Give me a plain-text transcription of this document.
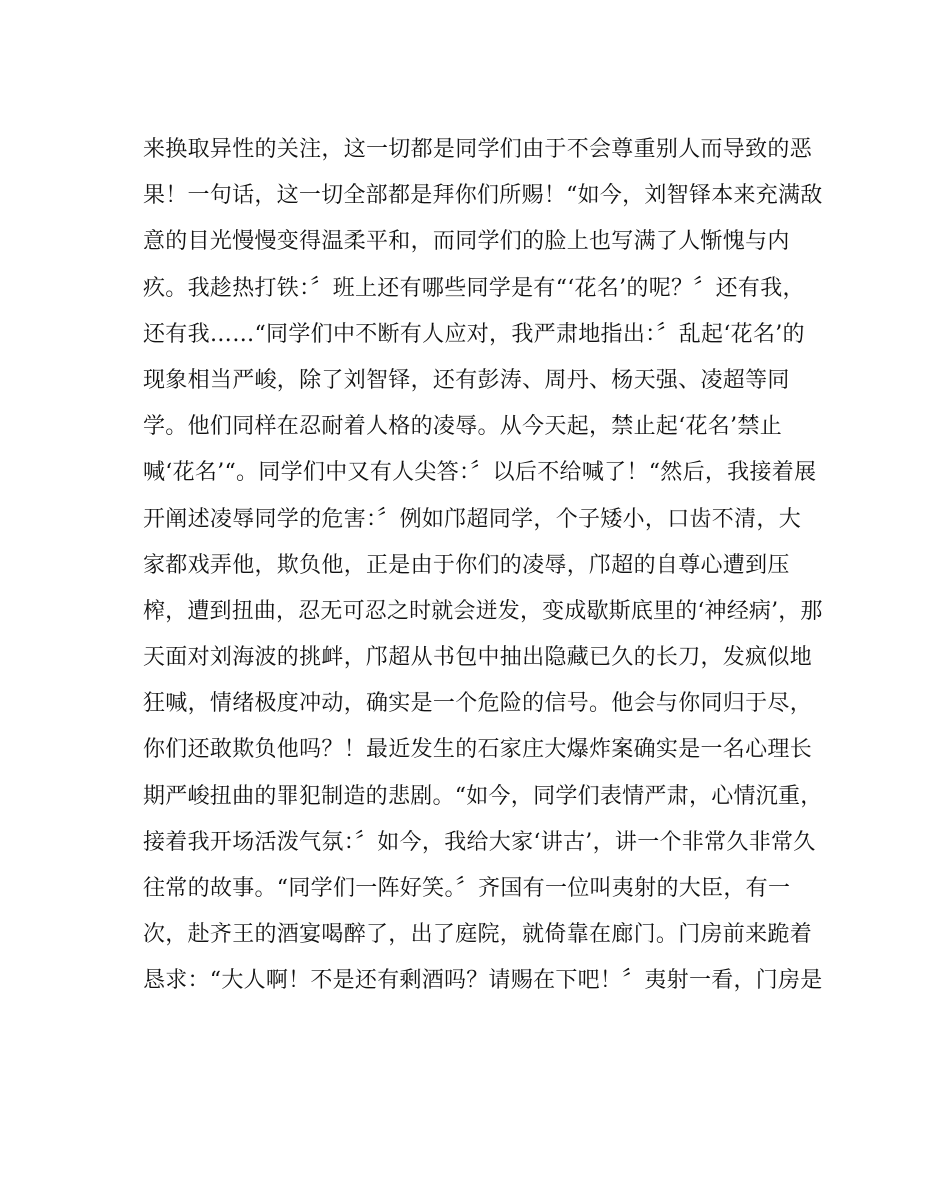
来换取异性的关注，这一切都是同学们由于不会尊重别人而导致的恶
果！一句话，这一切全部都是拜你们所赐！“如今，刘智铎本来充满敌
意的目光慢慢变得温柔平和，而同学们的脸上也写满了人惭愧与内
疚。我趁热打铁：〞班上还有哪些同学是有“‘花名’的呢？〞还有我，
还有我……“同学们中不断有人应对，我严肃地指出：〞乱起‘花名’的
现象相当严峻，除了刘智铎，还有彭涛、周丹、杨天强、凌超等同
学。他们同样在忍耐着人格的凌辱。从今天起，禁止起‘花名’禁止
喊‘花名’“。同学们中又有人尖答：〞以后不给喊了！“然后，我接着展
开阐述凌辱同学的危害：〞例如邝超同学，个子矮小，口齿不清，大
家都戏弄他，欺负他，正是由于你们的凌辱，邝超的自尊心遭到压
榨，遭到扭曲，忍无可忍之时就会迸发，变成歇斯底里的‘神经病’，那
天面对刘海波的挑衅，邝超从书包中抽出隐藏已久的长刀，发疯似地
狂喊，情绪极度冲动，确实是一个危险的信号。他会与你同归于尽，
你们还敢欺负他吗？！最近发生的石家庄大爆炸案确实是一名心理长
期严峻扭曲的罪犯制造的悲剧。“如今，同学们表情严肃，心情沉重，
接着我开场活泼气氛：〞如今，我给大家‘讲古’，讲一个非常久非常久
往常的故事。“同学们一阵好笑。〞齐国有一位叫夷射的大臣，有一
次，赴齐王的酒宴喝醉了，出了庭院，就倚靠在廊门。门房前来跪着
恳求：“大人啊！不是还有剩酒吗？请赐在下吧！〞夷射一看，门房是
